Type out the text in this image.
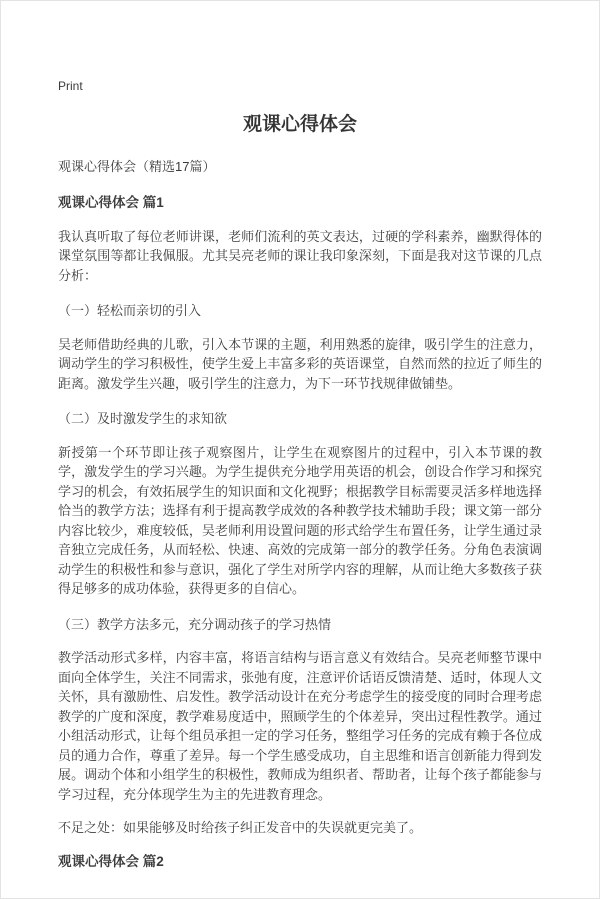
Print
观课心得体会

观课心得体会（精选17篇）

观课心得体会 篇1
我认真听取了每位老师讲课，老师们流利的英文表达，过硬的学科素养，幽默得体的课堂氛围等都让我佩服。尤其吴亮老师的课让我印象深刻，下面是我对这节课的几点分析：
（一）轻松而亲切的引入
吴老师借助经典的儿歌，引入本节课的主题，利用熟悉的旋律，吸引学生的注意力，调动学生的学习积极性，使学生爱上丰富多彩的英语课堂，自然而然的拉近了师生的距离。激发学生兴趣，吸引学生的注意力，为下一环节找规律做铺垫。
（二）及时激发学生的求知欲
新授第一个环节即让孩子观察图片，让学生在观察图片的过程中，引入本节课的教学，激发学生的学习兴趣。为学生提供充分地学用英语的机会，创设合作学习和探究学习的机会，有效拓展学生的知识面和文化视野；根据教学目标需要灵活多样地选择恰当的教学方法；选择有利于提高教学成效的各种教学技术辅助手段；课文第一部分内容比较少，难度较低，吴老师利用设置问题的形式给学生布置任务，让学生通过录音独立完成任务，从而轻松、快速、高效的完成第一部分的教学任务。分角色表演调动学生的积极性和参与意识，强化了学生对所学内容的理解，从而让绝大多数孩子获得足够多的成功体验，获得更多的自信心。
（三）教学方法多元，充分调动孩子的学习热情
教学活动形式多样，内容丰富，将语言结构与语言意义有效结合。吴亮老师整节课中面向全体学生，关注不同需求，张弛有度，注意评价话语反馈清楚、适时，体现人文关怀，具有激励性、启发性。教学活动设计在充分考虑学生的接受度的同时合理考虑教学的广度和深度，教学难易度适中，照顾学生的个体差异，突出过程性教学。通过小组活动形式，让每个组员承担一定的学习任务，整组学习任务的完成有赖于各位成员的通力合作，尊重了差异。每一个学生感受成功，自主思维和语言创新能力得到发展。调动个体和小组学生的积极性，教师成为组织者、帮助者，让每个孩子都能参与学习过程，充分体现学生为主的先进教育理念。
不足之处：如果能够及时给孩子纠正发音中的失误就更完美了。
观课心得体会 篇2
